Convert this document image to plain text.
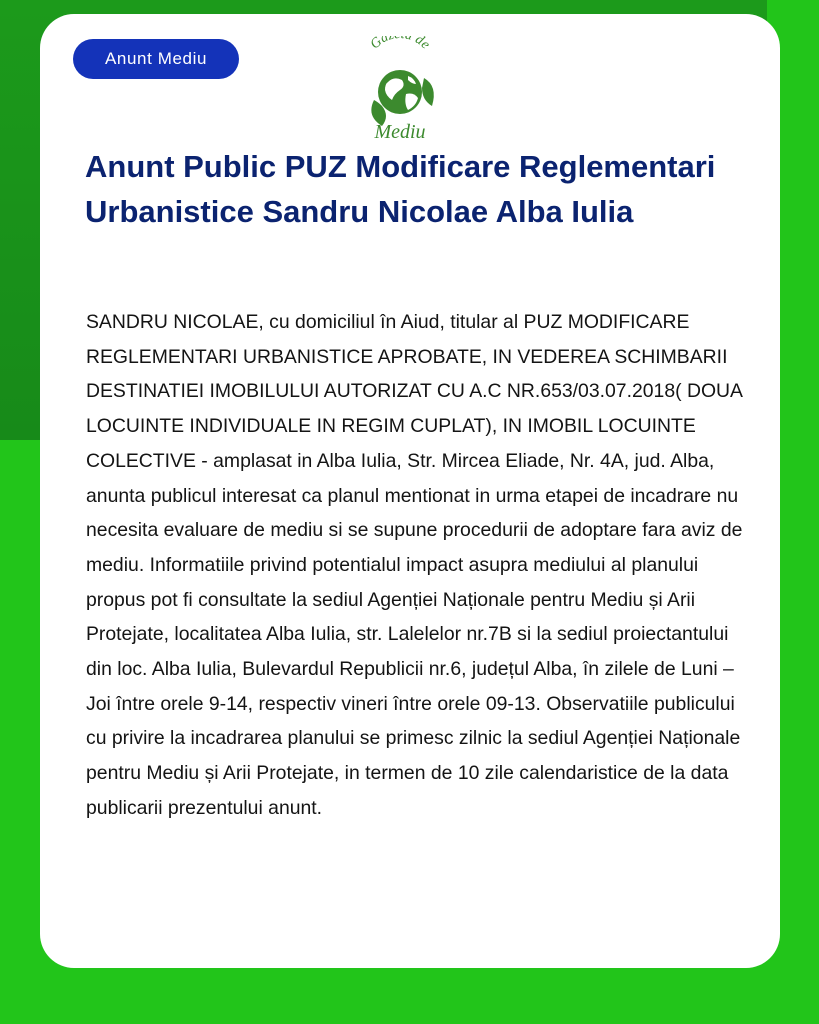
Anunt Mediu
Ga de
Mediu
Anunt Public PUZ Modificare Reglementari Urbanistice Sandru Nicolae Alba Iulia

SANDRU NICOLAE, cu domiciliul în Aiud, titular al PUZ MODIFICARE REGLEMENTARI URBANISTICE APROBATE, IN VEDEREA SCHIMBARII DESTINATIEI IMOBILULUI AUTORIZAT CU A.C NR.653/03.07.2018( DOUA LOCUINTE INDIVIDUALE IN REGIM CUPLAT), IN IMOBIL LOCUINTE COLECTIVE - amplasat in Alba Iulia, Str. Mircea Eliade, Nr. 4A, jud. Alba, anunta publicul interesat ca planul mentionat in urma etapei de incadrare nu necesita evaluare de mediu si se supune procedurii de adoptare fara aviz de mediu. Informatiile privind potentialul impact asupra mediului al planului propus pot fi consultate la sediul Agenției Naționale pentru Mediu și Arii Protejate, localitatea Alba Iulia, str. Lalelelor nr.7B si la sediul proiectantului din loc. Alba Iulia, Bulevardul Republicii nr.6, județul Alba, în zilele de Luni –Joi între orele 9-14, respectiv vineri între orele 09-13. Observatiile publicului cu privire la incadrarea planului se primesc zilnic la sediul Agenției Naționale pentru Mediu și Arii Protejate, in termen de 10 zile calendaristice de la data publicarii prezentului anunt.
